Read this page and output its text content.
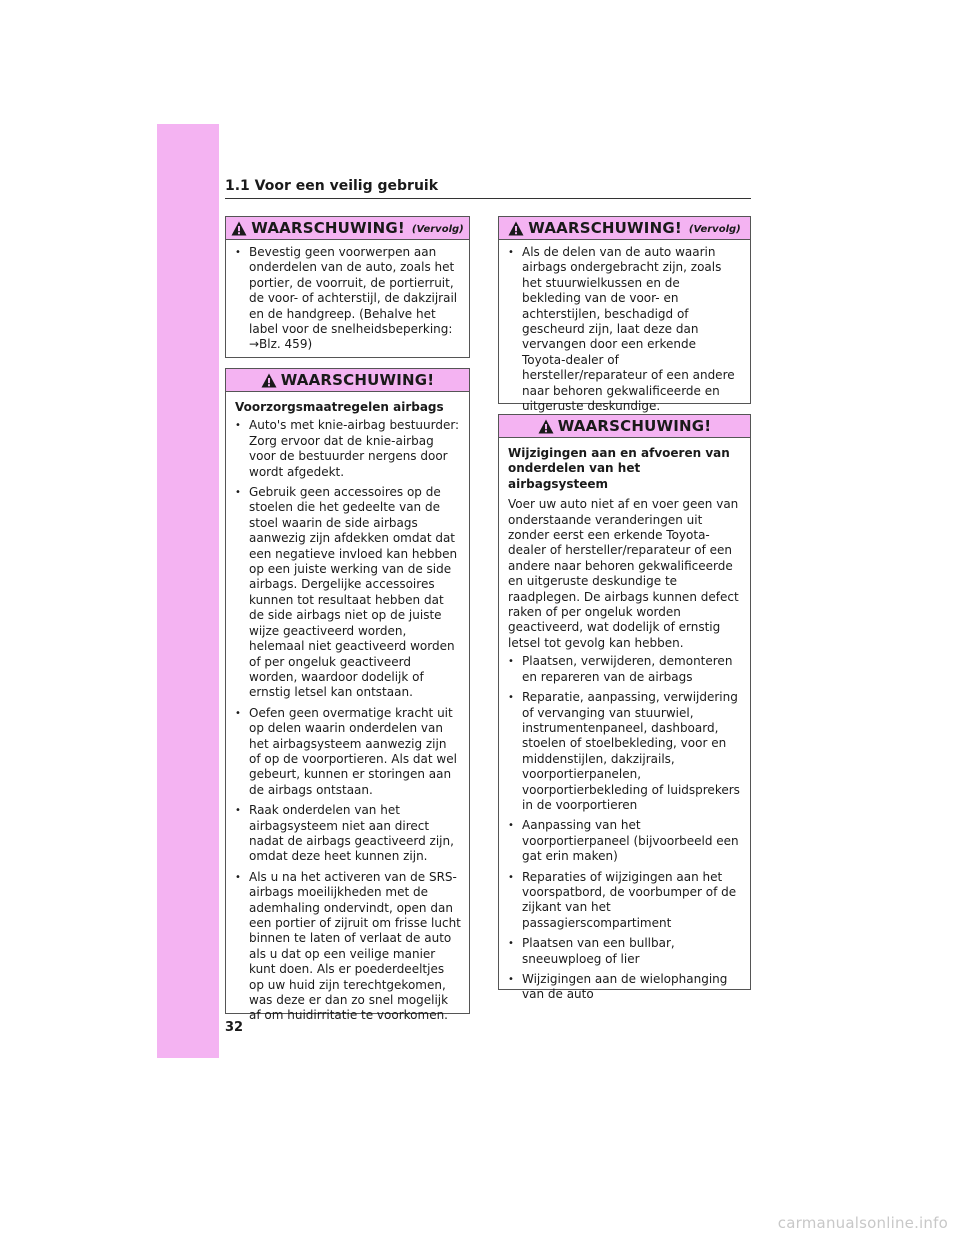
1.1 Voor een veilig gebruik
WAARSCHUWING! (Vervolg)
• Bevestig geen voorwerpen aan onderdelen van de auto, zoals het portier, de voorruit, de portierruit, de voor- of achterstijl, de dakzijrail en de handgreep. (Behalve het label voor de snelheidsbeperking: →Blz. 459)
WAARSCHUWING!

Voorzorgsmaatregelen airbags

• Auto's met knie-airbag bestuurder: Zorg ervoor dat de knie-airbag voor de bestuurder nergens door wordt afgedekt.
• Gebruik geen accessoires op de stoelen die het gedeelte van de stoel waarin de side airbags aanwezig zijn afdekken omdat dat een negatieve invloed kan hebben op een juiste werking van de side airbags. Dergelijke accessoires kunnen tot resultaat hebben dat de side airbags niet op de juiste wijze geactiveerd worden, helemaal niet geactiveerd worden of per ongeluk geactiveerd worden, waardoor dodelijk of ernstig letsel kan ontstaan.
• Oefen geen overmatige kracht uit op delen waarin onderdelen van het airbagsysteem aanwezig zijn of op de voorportieren. Als dat wel gebeurt, kunnen er storingen aan de airbags ontstaan.
• Raak onderdelen van het airbagsysteem niet aan direct nadat de airbags geactiveerd zijn, omdat deze heet kunnen zijn.
• Als u na het activeren van de SRS-airbags moeilijkheden met de ademhaling ondervindt, open dan een portier of zijruit om frisse lucht binnen te laten of verlaat de auto als u dat op een veilige manier kunt doen. Als er poederdeeltjes op uw huid zijn terechtgekomen, was deze er dan zo snel mogelijk af om huidirritatie te voorkomen.
WAARSCHUWING! (Vervolg)
• Als de delen van de auto waarin airbags ondergebracht zijn, zoals het stuurwielkussen en de bekleding van de voor- en achterstijlen, beschadigd of gescheurd zijn, laat deze dan vervangen door een erkende Toyota-dealer of hersteller/reparateur of een andere naar behoren gekwalificeerde en uitgeruste deskundige.
WAARSCHUWING!

Wijzigingen aan en afvoeren van onderdelen van het airbagsysteem

Voer uw auto niet af en voer geen van onderstaande veranderingen uit zonder eerst een erkende Toyota-dealer of hersteller/reparateur of een andere naar behoren gekwalificeerde en uitgeruste deskundige te raadplegen. De airbags kunnen defect raken of per ongeluk worden geactiveerd, wat dodelijk of ernstig letsel tot gevolg kan hebben.

• Plaatsen, verwijderen, demonteren en repareren van de airbags
• Reparatie, aanpassing, verwijdering of vervanging van stuurwiel, instrumentenpaneel, dashboard, stoelen of stoelbekleding, voor en middenstijlen, dakzijrails, voorportierpanelen, voorportierbekleding of luidsprekers in de voorportieren
• Aanpassing van het voorportierpaneel (bijvoorbeeld een gat erin maken)
• Reparaties of wijzigingen aan het voorspatbord, de voorbumper of de zijkant van het passagierscompartiment
• Plaatsen van een bullbar, sneeuwploeg of lier
• Wijzigingen aan de wielophanging van de auto
32
carmanualsonline.info
